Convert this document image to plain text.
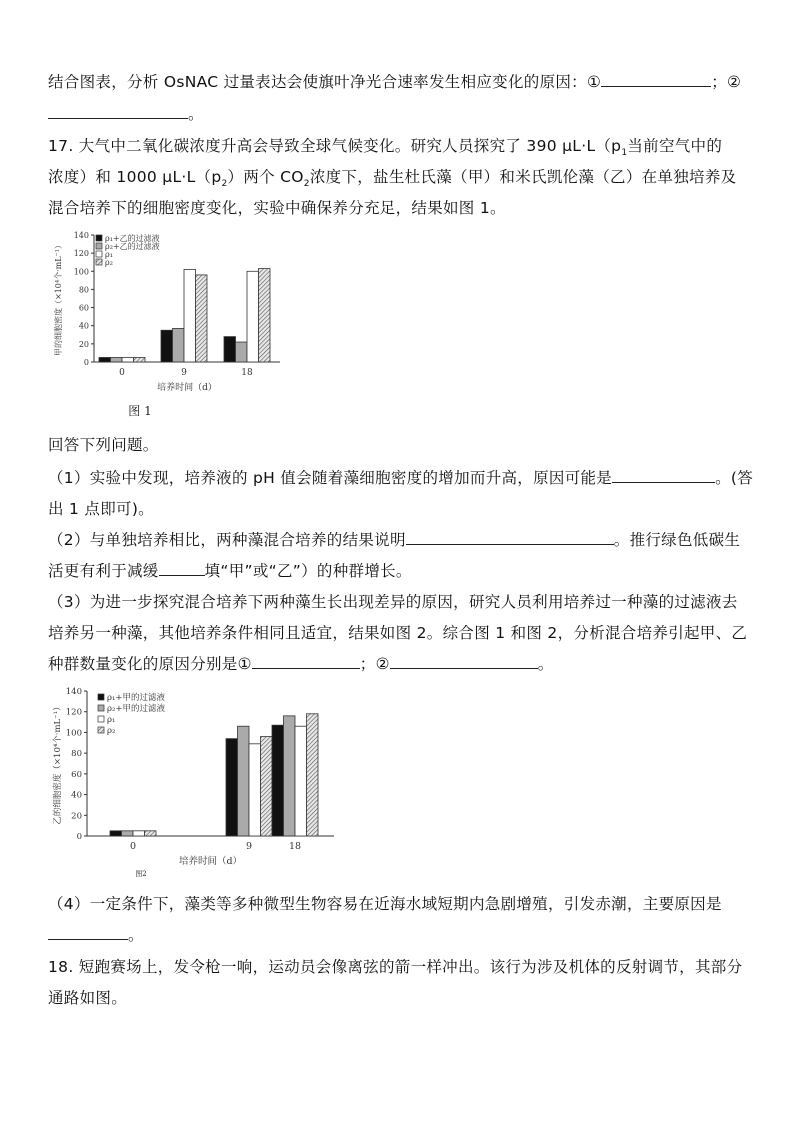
结合图表，分析 OsNAC 过量表达会使旗叶净光合速率发生相应变化的原因：①	；②
。
17. 大气中二氧化碳浓度升高会导致全球气候变化。研究人员探究了 390 $\mu L\cdot L(p_1$当前空气中的
浓度）和 1000 $\mu L\cdot L(p_2)$两个 $CO_2$浓度下，盐生杜氏藻（甲）和米氏凯伦藻（乙）在单独培养及
混合培养下的细胞密度变化，实验中确保养分充足，结果如图 1。
0
20
40
60
80
100
120
140
0	9	18
培养时间（d）
甲的细胞密度（×10⁴个·mL⁻¹）
ρ₁+乙的过滤液
ρ₂+乙的过滤液
ρ₁
ρ₂
图 1
回答下列问题。
（1）实验中发现，培养液的 pH 值会随着藻细胞密度的增加而升高，原因可能是	。(答
出 1 点即可)。
（2）与单独培养相比，两种藻混合培养的结果说明	。推行绿色低碳生
活更有利于减缓	填“甲”或“乙”）的种群增长。
（3）为进一步探究混合培养下两种藻生长出现差异的原因，研究人员利用培养过一种藻的过滤液去
培养另一种藻，其他培养条件相同且适宜，结果如图 2。综合图 1 和图 2，分析混合培养引起甲、乙
种群数量变化的原因分别是①	；②	。
0
20
40
60
80
100
120
140
0	9	18
培养时间（d）
乙的细胞密度（×10⁴个·mL⁻¹）
ρ₁+甲的过滤液
ρ₂+甲的过滤液
ρ₁
ρ₂
图2
（4）一定条件下，藻类等多种微型生物容易在近海水域短期内急剧增殖，引发赤潮，主要原因是
。
18. 短跑赛场上，发令枪一响，运动员会像离弦的箭一样冲出。该行为涉及机体的反射调节，其部分
通路如图。
